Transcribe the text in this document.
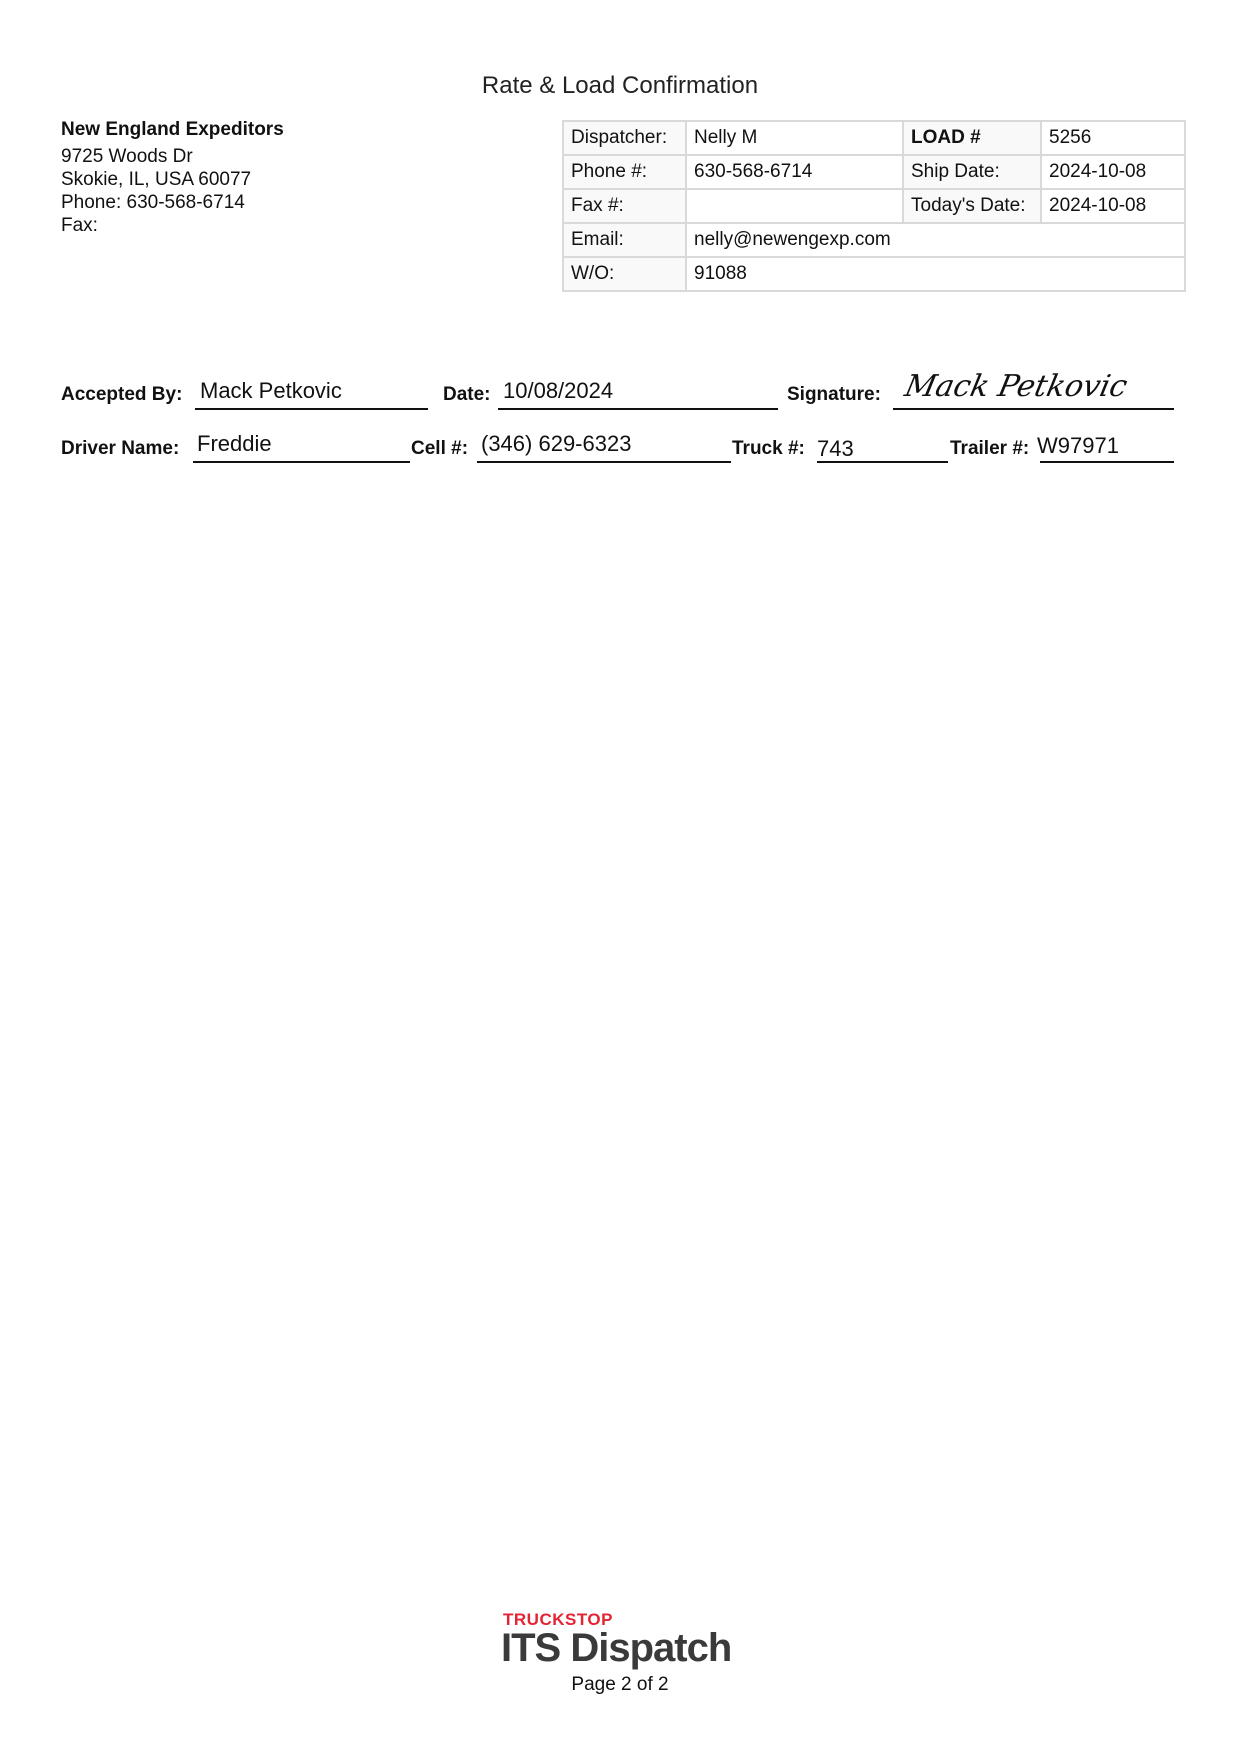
Rate & Load Confirmation
New England Expeditors
9725 Woods Dr
Skokie, IL, USA 60077
Phone: 630-568-6714
Fax:
Dispatcher:	Nelly M	LOAD #	5256
Phone #:	630-568-6714	Ship Date:	2024-10-08
Fax #:		Today's Date:	2024-10-08
Email:	nelly@newengexp.com		
W/O:	91088		
Accepted By: Mack Petkovic	Date: 10/08/2024	Signature: Mack Petkovic
Driver Name: Freddie	Cell #: (346) 629-6323	Truck #: 743	Trailer #: W97971
TRUCKSTOP
ITS Dispatch
Page 2 of 2
